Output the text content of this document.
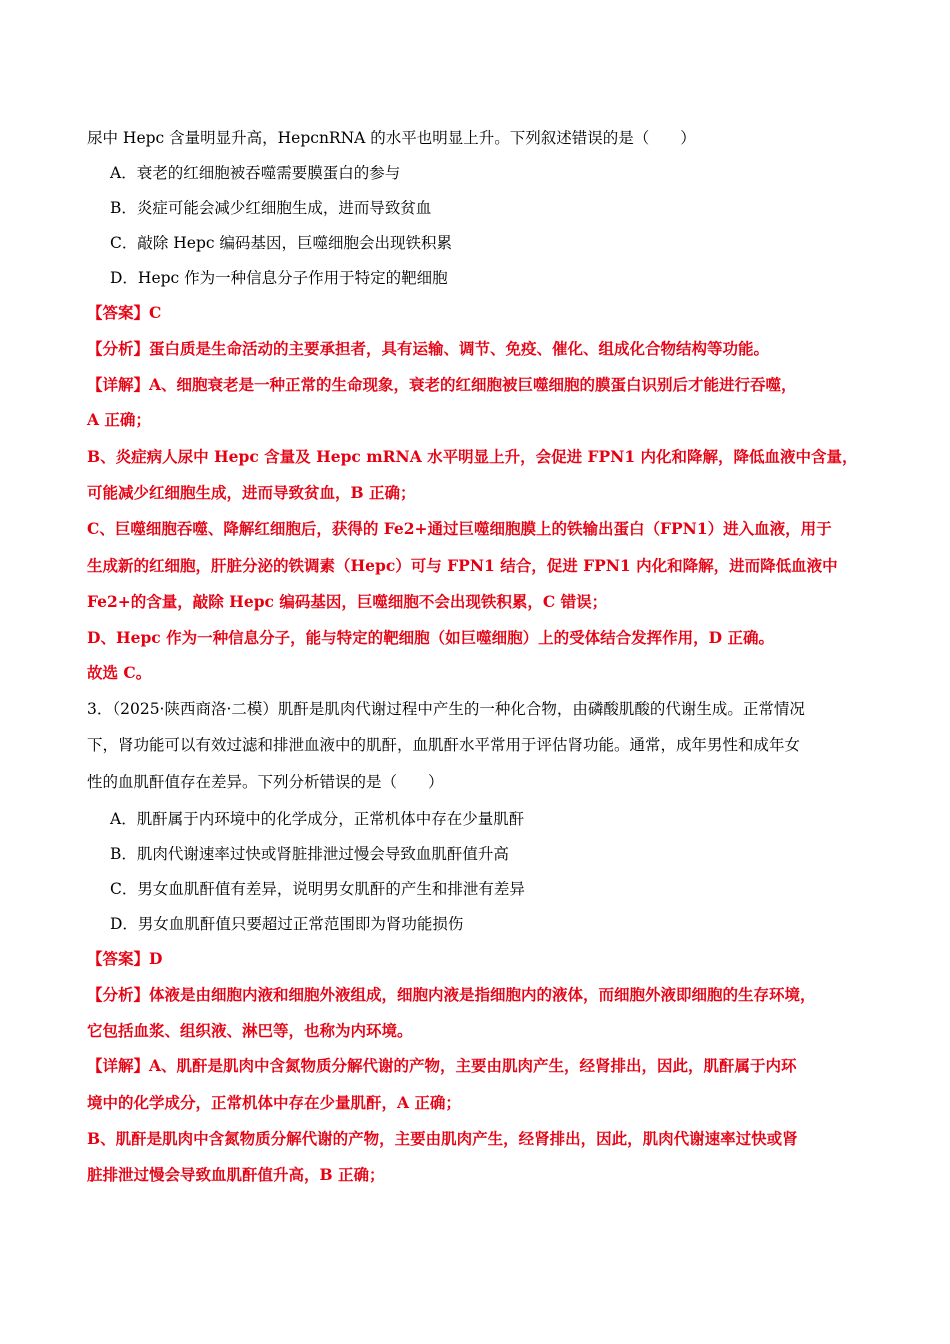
尿中 Hepc 含量明显升高，HepcnRNA 的水平也明显上升。下列叙述错误的是（　　）
A．衰老的红细胞被吞噬需要膜蛋白的参与
B．炎症可能会减少红细胞生成，进而导致贫血
C．敲除 Hepc 编码基因，巨噬细胞会出现铁积累
D．Hepc 作为一种信息分子作用于特定的靶细胞
【答案】C
【分析】蛋白质是生命活动的主要承担者，具有运输、调节、免疫、催化、组成化合物结构等功能。
【详解】A、细胞衰老是一种正常的生命现象，衰老的红细胞被巨噬细胞的膜蛋白识别后才能进行吞噬，
A 正确；
B、炎症病人尿中 Hepc 含量及 Hepc mRNA 水平明显上升，会促进 FPN1 内化和降解，降低血液中含量，
可能减少红细胞生成，进而导致贫血，B 正确；
C、巨噬细胞吞噬、降解红细胞后，获得的 Fe2+通过巨噬细胞膜上的铁输出蛋白（FPN1）进入血液，用于
生成新的红细胞，肝脏分泌的铁调素（Hepc）可与 FPN1 结合，促进 FPN1 内化和降解，进而降低血液中
Fe2+的含量，敲除 Hepc 编码基因，巨噬细胞不会出现铁积累，C 错误；
D、Hepc 作为一种信息分子，能与特定的靶细胞（如巨噬细胞）上的受体结合发挥作用，D 正确。
故选 C。
3．（2025·陕西商洛·二模）肌酐是肌肉代谢过程中产生的一种化合物，由磷酸肌酸的代谢生成。正常情况
下，肾功能可以有效过滤和排泄血液中的肌酐，血肌酐水平常用于评估肾功能。通常，成年男性和成年女
性的血肌酐值存在差异。下列分析错误的是（　　）
A．肌酐属于内环境中的化学成分，正常机体中存在少量肌酐
B．肌肉代谢速率过快或肾脏排泄过慢会导致血肌酐值升高
C．男女血肌酐值有差异，说明男女肌酐的产生和排泄有差异
D．男女血肌酐值只要超过正常范围即为肾功能损伤
【答案】D
【分析】体液是由细胞内液和细胞外液组成，细胞内液是指细胞内的液体，而细胞外液即细胞的生存环境，
它包括血浆、组织液、淋巴等，也称为内环境。
【详解】A、肌酐是肌肉中含氮物质分解代谢的产物，主要由肌肉产生，经肾排出，因此，肌酐属于内环
境中的化学成分，正常机体中存在少量肌酐，A 正确；
B、肌酐是肌肉中含氮物质分解代谢的产物，主要由肌肉产生，经肾排出，因此，肌肉代谢速率过快或肾
脏排泄过慢会导致血肌酐值升高，B 正确；
